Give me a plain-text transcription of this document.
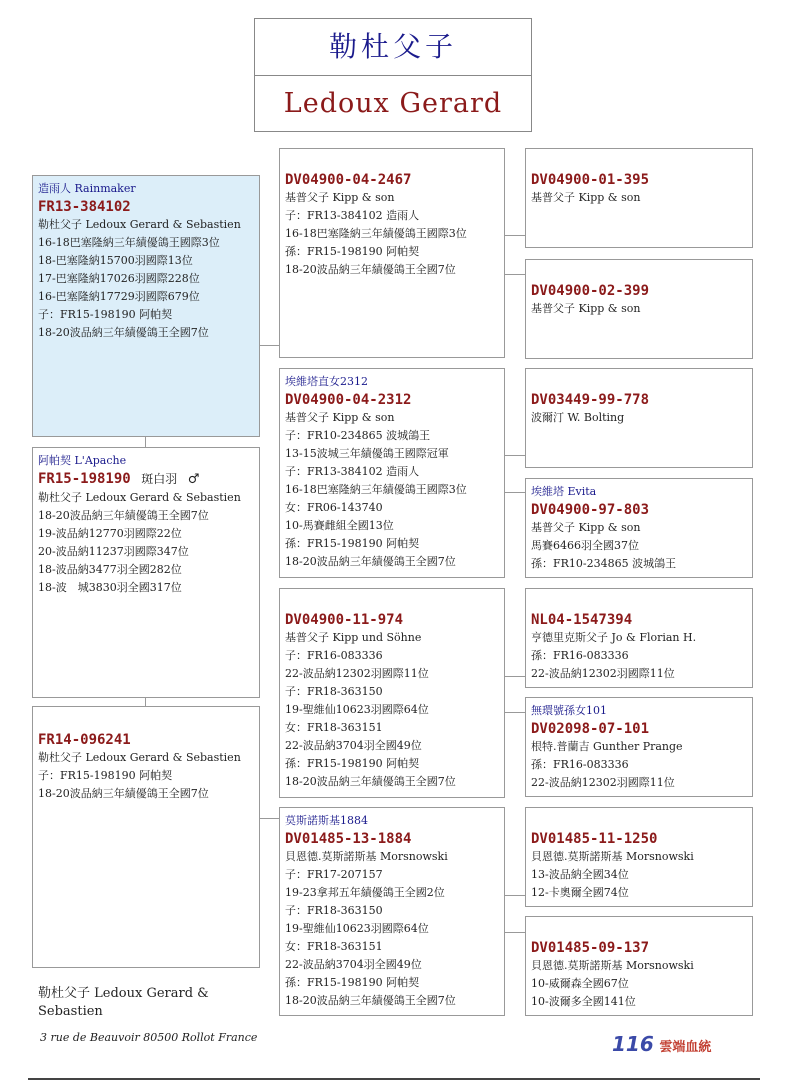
勒杜父子
Ledoux Gerard
造雨人 Rainmaker
FR13-384102
勒杜父子 Ledoux Gerard & Sebastien
16-18巴塞隆納三年績優鴿王國際3位
18-巴塞隆納15700羽國際13位
17-巴塞隆納17026羽國際228位
16-巴塞隆納17729羽國際679位
子：FR15-198190 阿帕契
18-20波品納三年績優鴿王全國7位
阿帕契 L'Apache
FR15-198190 斑白羽 ♂
勒杜父子 Ledoux Gerard & Sebastien
18-20波品納三年績優鴿王全國7位
19-波品納12770羽國際22位
20-波品納11237羽國際347位
18-波品納3477羽全國282位
18-波　城3830羽全國317位
FR14-096241
勒杜父子 Ledoux Gerard & Sebastien
子：FR15-198190 阿帕契
18-20波品納三年績優鴿王全國7位
DV04900-04-2467
基普父子 Kipp & son
子：FR13-384102 造雨人
16-18巴塞隆納三年績優鴿王國際3位
孫：FR15-198190 阿帕契
18-20波品納三年績優鴿王全國7位
埃維塔直女2312
DV04900-04-2312
基普父子 Kipp & son
子：FR10-234865 波城鴿王
13-15波城三年績優鴿王國際冠軍
子：FR13-384102 造雨人
16-18巴塞隆納三年績優鴿王國際3位
女：FR06-143740
10-馬賽雌組全國13位
孫：FR15-198190 阿帕契
18-20波品納三年績優鴿王全國7位
DV04900-11-974
基普父子 Kipp und Söhne
子：FR16-083336
22-波品納12302羽國際11位
子：FR18-363150
19-聖維仙10623羽國際64位
女：FR18-363151
22-波品納3704羽全國49位
孫：FR15-198190 阿帕契
18-20波品納三年績優鴿王全國7位
莫斯諾斯基1884
DV01485-13-1884
貝恩德.莫斯諾斯基 Morsnowski
子：FR17-207157
19-23拿邦五年績優鴿王全國2位
子：FR18-363150
19-聖維仙10623羽國際64位
女：FR18-363151
22-波品納3704羽全國49位
孫：FR15-198190 阿帕契
18-20波品納三年績優鴿王全國7位
DV04900-01-395
基普父子 Kipp & son
DV04900-02-399
基普父子 Kipp & son
DV03449-99-778
波爾汀 W. Bolting
埃維塔 Evita
DV04900-97-803
基普父子 Kipp & son
馬賽6466羽全國37位
孫：FR10-234865 波城鴿王
NL04-1547394
亨德里克斯父子 Jo & Florian H.
孫：FR16-083336
22-波品納12302羽國際11位
無環號孫女101
DV02098-07-101
根特.普蘭吉 Gunther Prange
孫：FR16-083336
22-波品納12302羽國際11位
DV01485-11-1250
貝恩德.莫斯諾斯基 Morsnowski
13-波品納全國34位
12-卡奧爾全國74位
DV01485-09-137
貝恩德.莫斯諾斯基 Morsnowski
10-威爾森全國67位
10-波爾多全國141位
勒杜父子 Ledoux Gerard &
Sebastien
3 rue de Beauvoir 80500 Rollot France	116 雲端血統
